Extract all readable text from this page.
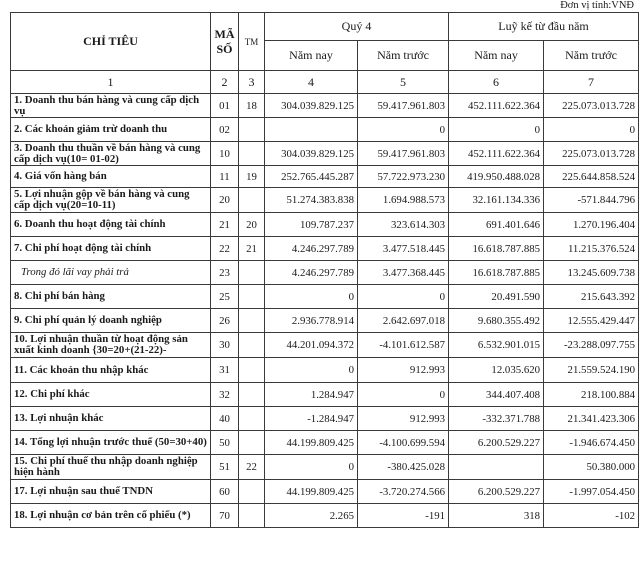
Đơn vị tính:VNĐ
CHỈ TIÊU	MÃ SỐ	TM	Quý 4		Luỹ kế từ đầu năm	
			Năm nay	Năm trước	Năm nay	Năm trước
1	2	3	4	5	6	7
1. Doanh thu bán hàng và cung cấp dịch vụ	01	18	304.039.829.125	59.417.961.803	452.111.622.364	225.073.013.728
2. Các khoản giảm trừ doanh thu	02			0	0	0
3. Doanh thu thuần về bán hàng và cung cấp dịch vụ(10= 01-02)	10		304.039.829.125	59.417.961.803	452.111.622.364	225.073.013.728
4. Giá vốn hàng bán	11	19	252.765.445.287	57.722.973.230	419.950.488.028	225.644.858.524
5. Lợi nhuận gộp về bán hàng và cung cấp dịch vụ(20=10-11)	20		51.274.383.838	1.694.988.573	32.161.134.336	-571.844.796
6. Doanh thu hoạt động tài chính	21	20	109.787.237	323.614.303	691.401.646	1.270.196.404
7. Chi phí hoạt động tài chính	22	21	4.246.297.789	3.477.518.445	16.618.787.885	11.215.376.524
Trong đó lãi vay phải trả	23		4.246.297.789	3.477.368.445	16.618.787.885	13.245.609.738
8. Chi phí bán hàng	25		0	0	20.491.590	215.643.392
9. Chi phí quản lý doanh nghiệp	26		2.936.778.914	2.642.697.018	9.680.355.492	12.555.429.447
10. Lợi nhuận thuần từ hoạt động sản xuất kinh doanh {30=20+(21-22)-	30		44.201.094.372	-4.101.612.587	6.532.901.015	-23.288.097.755
11. Các khoản thu nhập khác	31		0	912.993	12.035.620	21.559.524.190
12. Chi phí khác	32		1.284.947	0	344.407.408	218.100.884
13. Lợi nhuận khác	40		-1.284.947	912.993	-332.371.788	21.341.423.306
14. Tổng lợi nhuận trước thuế (50=30+40)	50		44.199.809.425	-4.100.699.594	6.200.529.227	-1.946.674.450
15. Chi phí thuế thu nhập doanh nghiệp hiện hành	51	22	0	-380.425.028		50.380.000
17. Lợi nhuận sau thuế TNDN	60		44.199.809.425	-3.720.274.566	6.200.529.227	-1.997.054.450
18. Lợi nhuận cơ bản trên cổ phiếu (*)	70		2.265	-191	318	-102
